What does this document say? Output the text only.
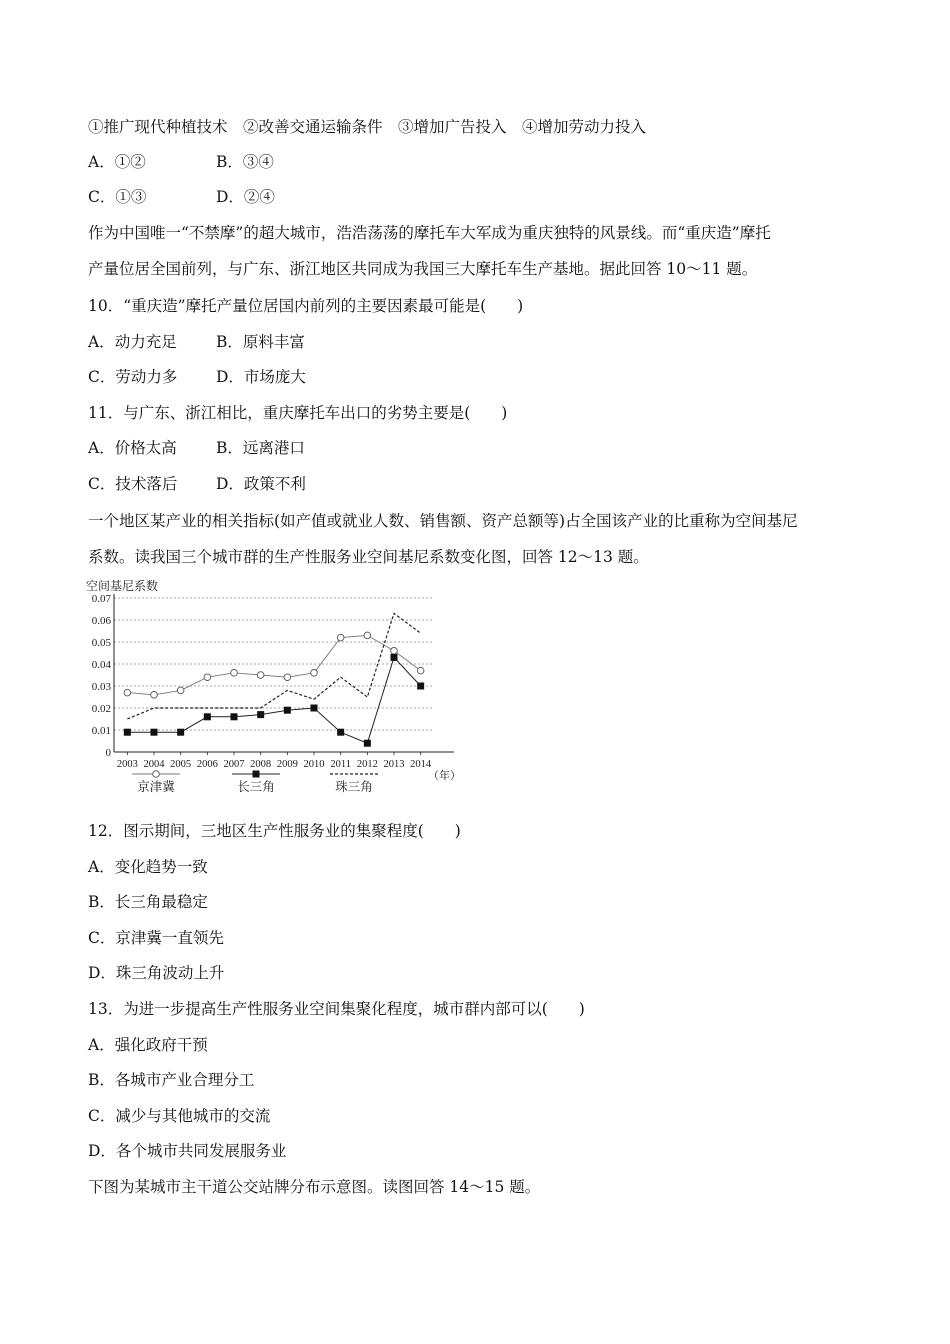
①推广现代种植技术　②改善交通运输条件　③增加广告投入　④增加劳动力投入
A．①②	B．③④
C．①③	D．②④
作为中国唯一“不禁摩”的超大城市，浩浩荡荡的摩托车大军成为重庆独特的风景线。而“重庆造”摩托
产量位居全国前列，与广东、浙江地区共同成为我国三大摩托车生产基地。据此回答 10～11 题。
10．“重庆造”摩托产量位居国内前列的主要因素最可能是(　　)
A．动力充足	B．原料丰富
C．劳动力多 D．市场庞大
11．与广东、浙江相比，重庆摩托车出口的劣势主要是(　　)
A．价格太高	B．远离港口
C．技术落后 D．政策不利
一个地区某产业的相关指标(如产值或就业人数、销售额、资产总额等)占全国该产业的比重称为空间基尼
系数。读我国三个城市群的生产性服务业空间基尼系数变化图，回答 12～13 题。
空间基尼系数
0
0.01
0.02
0.03
0.04
0.05
0.06
0.07
2003 2004 2005 2006 2007 2008 2009 2010 2011 2012 2013 2014
（年）
京津冀	长三角	珠三角
12．图示期间，三地区生产性服务业的集聚程度(　　)
A．变化趋势一致
B．长三角最稳定
C．京津冀一直领先
D．珠三角波动上升
13．为进一步提高生产性服务业空间集聚化程度，城市群内部可以(　　)
A．强化政府干预
B．各城市产业合理分工
C．减少与其他城市的交流
D．各个城市共同发展服务业
下图为某城市主干道公交站牌分布示意图。读图回答 14～15 题。
